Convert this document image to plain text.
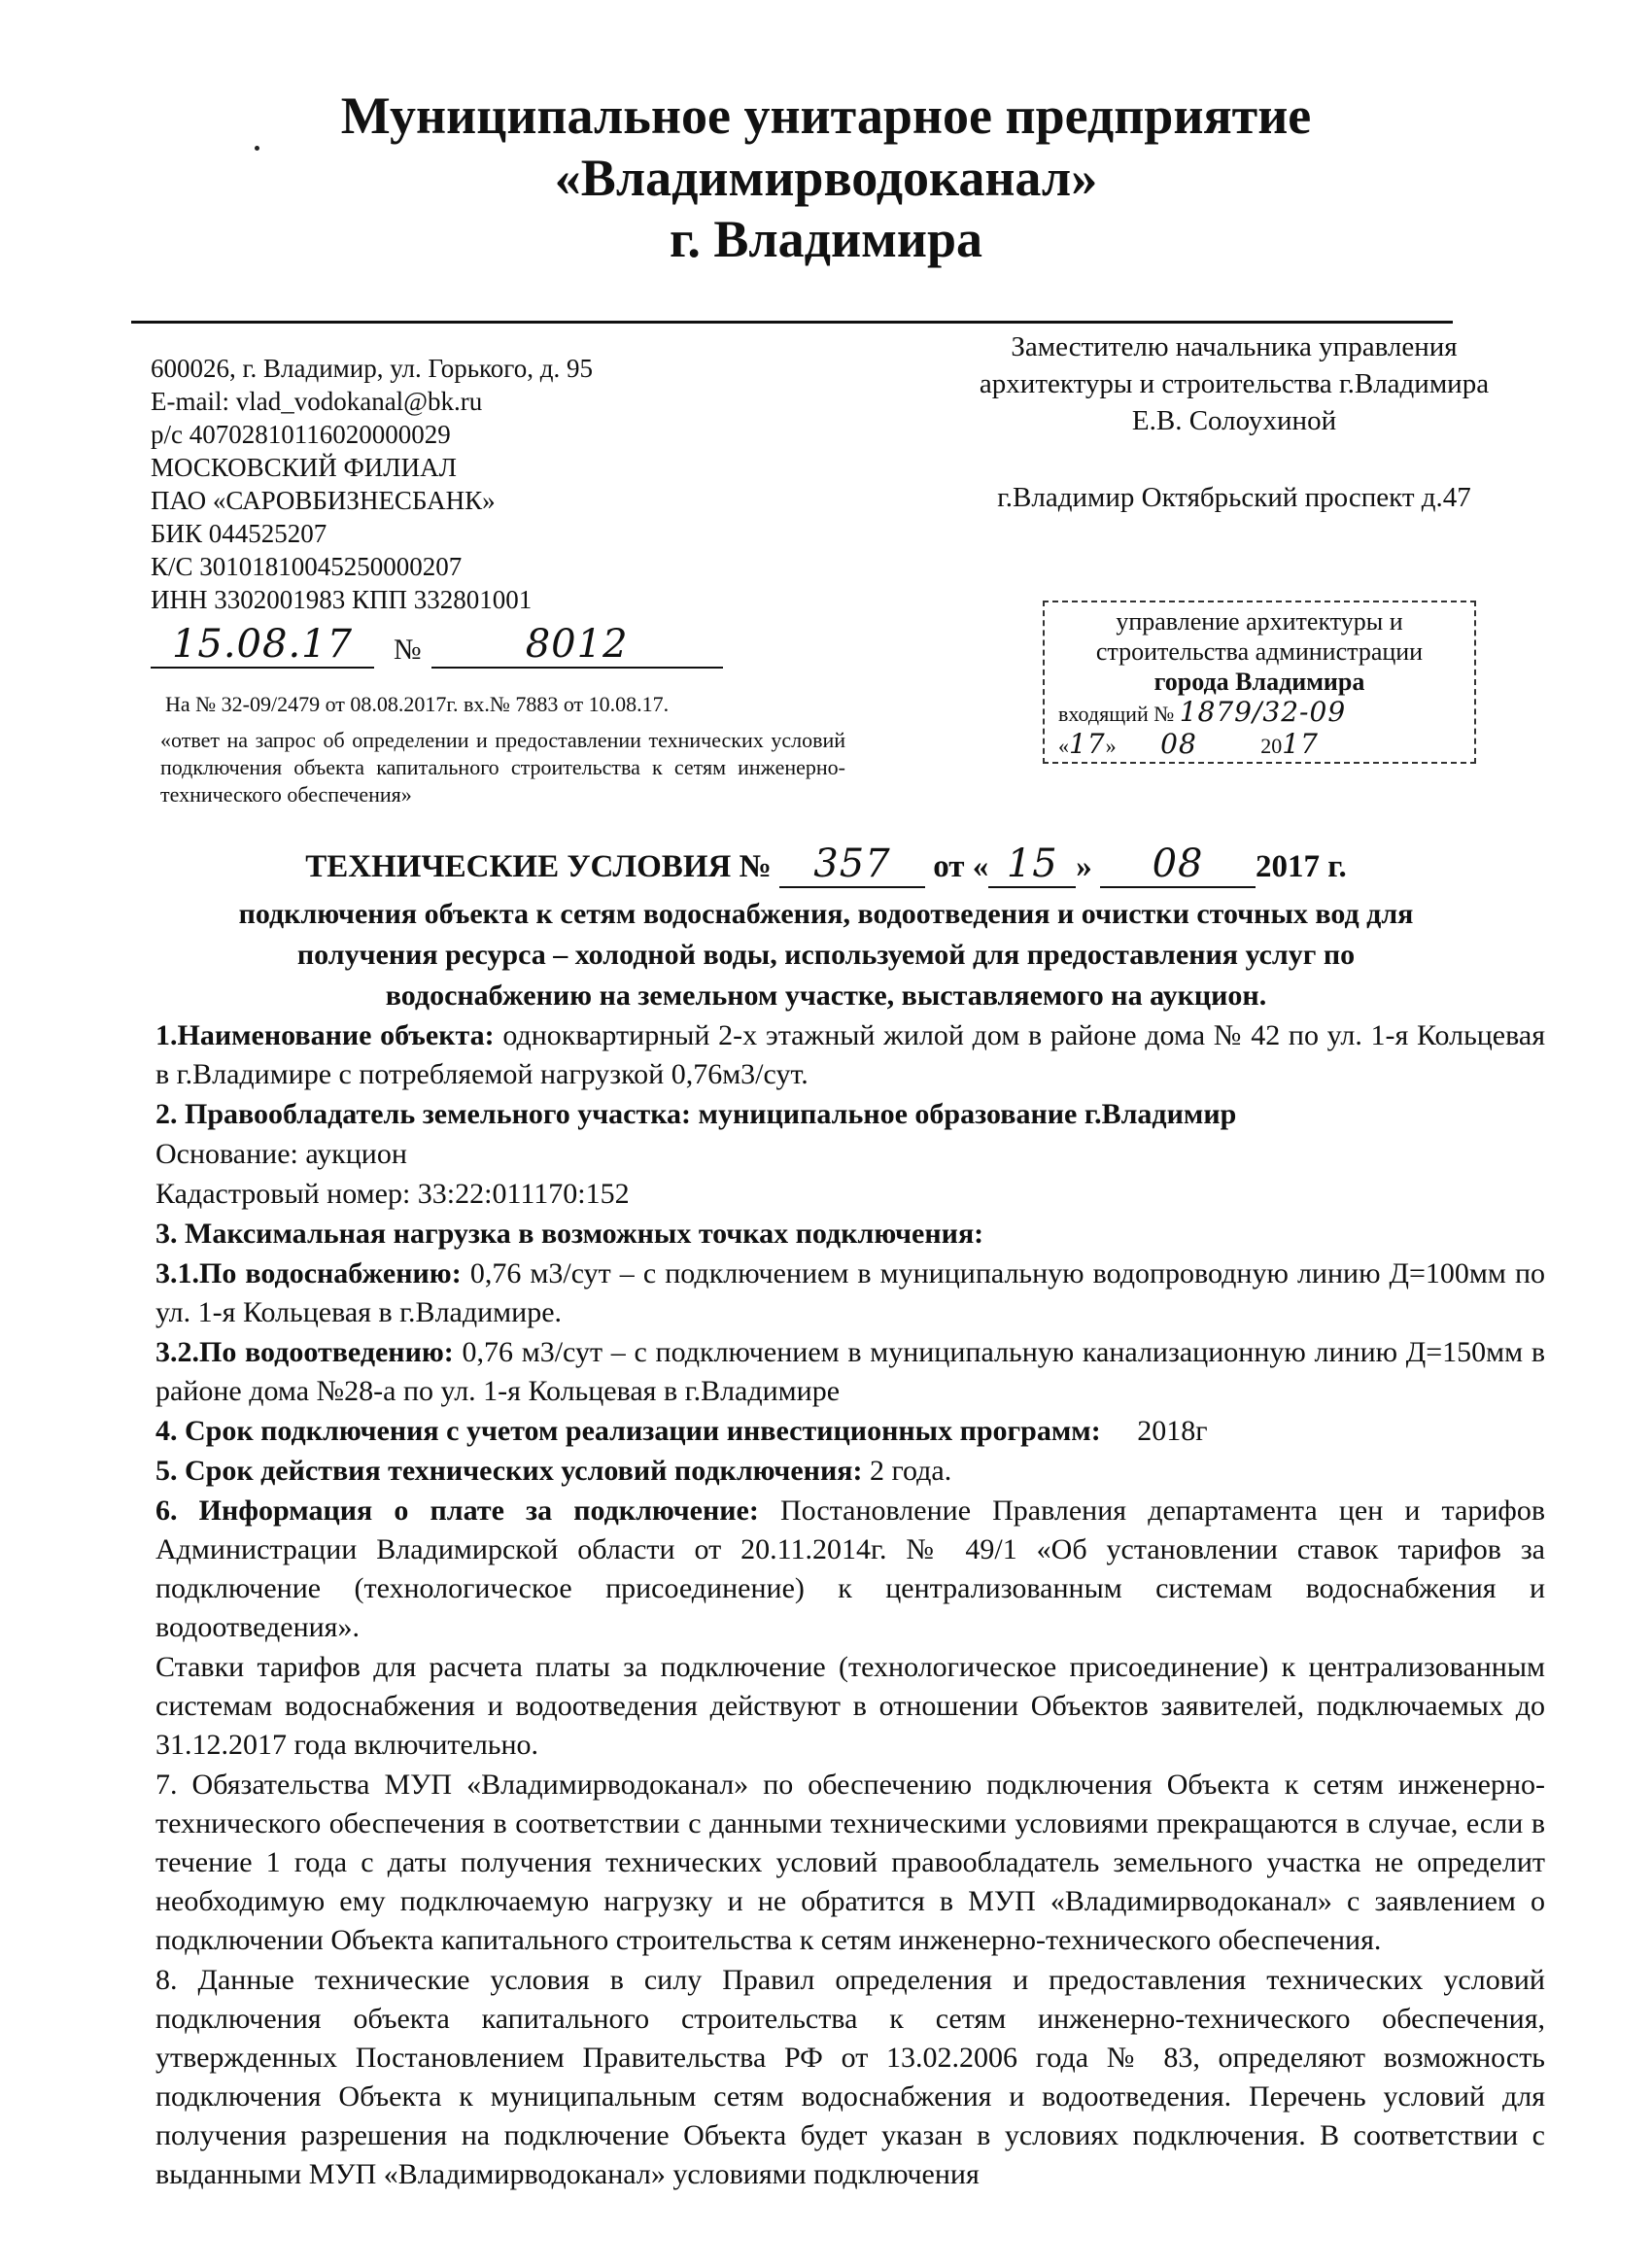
Муниципальное унитарное предприятие
«Владимирводоканал»
г. Владимира
600026, г. Владимир, ул. Горького, д. 95
E-mail: vlad_vodokanal@bk.ru
р/с 40702810116020000029
МОСКОВСКИЙ ФИЛИАЛ
ПАО «САРОВБИЗНЕСБАНК»
БИК 044525207
К/С 30101810045250000207
ИНН 3302001983 КПП 332801001
Заместителю начальника управления
архитектуры и строительства г.Владимира
Е.В. Солоухиной
г.Владимир Октябрьский проспект д.47
15.08.17	№	8012
На № 32-09/2479 от 08.08.2017г. вх.№ 7883 от 10.08.17.
«ответ на запрос об определении и предоставлении технических условий подключения объекта капитального строительства к сетям инженерно-технического обеспечения»
управление архитектуры и
строительства администрации
города Владимира
входящий № 1879/32-09
«17» 08	2017
ТЕХНИЧЕСКИЕ УСЛОВИЯ № 357 от « 15 » 08 2017 г.
подключения объекта к сетям водоснабжения, водоотведения и очистки сточных вод для
получения ресурса – холодной воды, используемой для предоставления услуг по
водоснабжению на земельном участке, выставляемого на аукцион.

1.Наименование объекта: одноквартирный 2-х этажный жилой дом в районе дома № 42 по ул. 1-я Кольцевая в г.Владимире с потребляемой нагрузкой 0,76м3/сут.

2. Правообладатель земельного участка: муниципальное образование г.Владимир

Основание: аукцион

Кадастровый номер: 33:22:011170:152

3. Максимальная нагрузка в возможных точках подключения:

3.1.По водоснабжению: 0,76 м3/сут – с подключением в муниципальную водопроводную линию Д=100мм по ул. 1-я Кольцевая в г.Владимире.

3.2.По водоотведению: 0,76 м3/сут – с подключением в муниципальную канализационную линию Д=150мм в районе дома №28-а по ул. 1-я Кольцевая в г.Владимире

4. Срок подключения с учетом реализации инвестиционных программ: 2018г

5. Срок действия технических условий подключения: 2 года.

6. Информация о плате за подключение: Постановление Правления департамента цен и тарифов Администрации Владимирской области от 20.11.2014г. № 49/1 «Об установлении ставок тарифов за подключение (технологическое присоединение) к централизованным системам водоснабжения и водоотведения».

Ставки тарифов для расчета платы за подключение (технологическое присоединение) к централизованным системам водоснабжения и водоотведения действуют в отношении Объектов заявителей, подключаемых до 31.12.2017 года включительно.

7. Обязательства МУП «Владимирводоканал» по обеспечению подключения Объекта к сетям инженерно-технического обеспечения в соответствии с данными техническими условиями прекращаются в случае, если в течение 1 года с даты получения технических условий правообладатель земельного участка не определит необходимую ему подключаемую нагрузку и не обратится в МУП «Владимирводоканал» с заявлением о подключении Объекта капитального строительства к сетям инженерно-технического обеспечения.

8. Данные технические условия в силу Правил определения и предоставления технических условий подключения объекта капитального строительства к сетям инженерно-технического обеспечения, утвержденных Постановлением Правительства РФ от 13.02.2006 года № 83, определяют возможность подключения Объекта к муниципальным сетям водоснабжения и водоотведения. Перечень условий для получения разрешения на подключение Объекта будет указан в условиях подключения. В соответствии с выданными МУП «Владимирводоканал» условиями подключения
